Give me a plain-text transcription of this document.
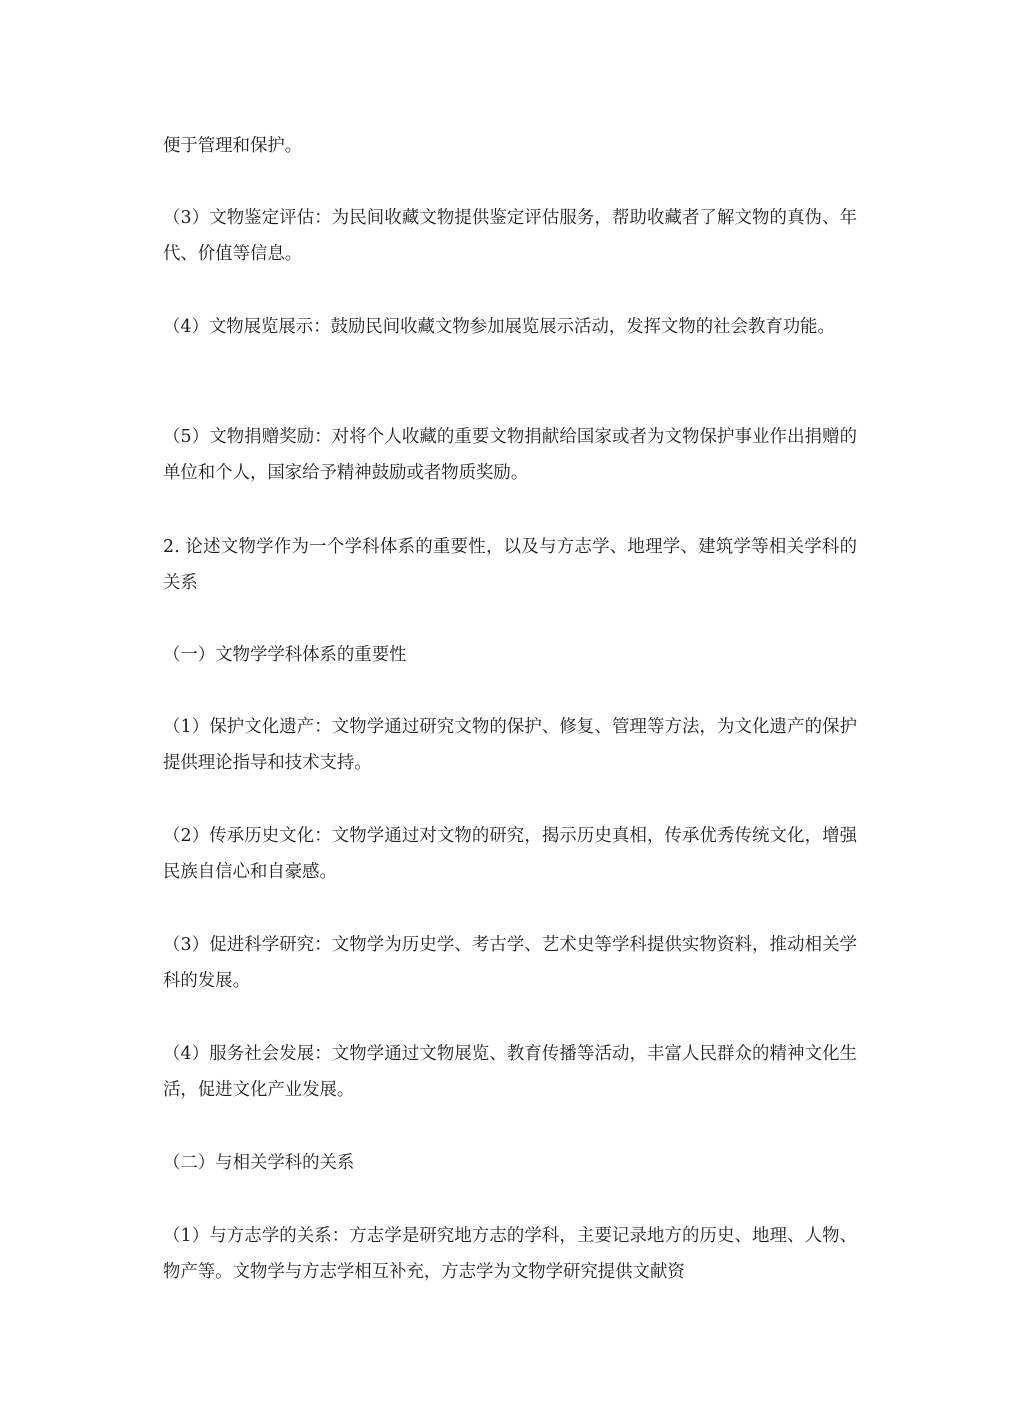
便于管理和保护。

（3）文物鉴定评估：为民间收藏文物提供鉴定评估服务，帮助收藏者了解文物的真伪、年代、价值等信息。

（4）文物展览展示：鼓励民间收藏文物参加展览展示活动，发挥文物的社会教育功能。

（5）文物捐赠奖励：对将个人收藏的重要文物捐献给国家或者为文物保护事业作出捐赠的单位和个人，国家给予精神鼓励或者物质奖励。

2. 论述文物学作为一个学科体系的重要性，以及与方志学、地理学、建筑学等相关学科的关系

（一）文物学学科体系的重要性

（1）保护文化遗产：文物学通过研究文物的保护、修复、管理等方法，为文化遗产的保护提供理论指导和技术支持。

（2）传承历史文化：文物学通过对文物的研究，揭示历史真相，传承优秀传统文化，增强民族自信心和自豪感。

（3）促进科学研究：文物学为历史学、考古学、艺术史等学科提供实物资料，推动相关学科的发展。

（4）服务社会发展：文物学通过文物展览、教育传播等活动，丰富人民群众的精神文化生活，促进文化产业发展。

（二）与相关学科的关系

（1）与方志学的关系：方志学是研究地方志的学科，主要记录地方的历史、地理、人物、物产等。文物学与方志学相互补充，方志学为文物学研究提供文献资
